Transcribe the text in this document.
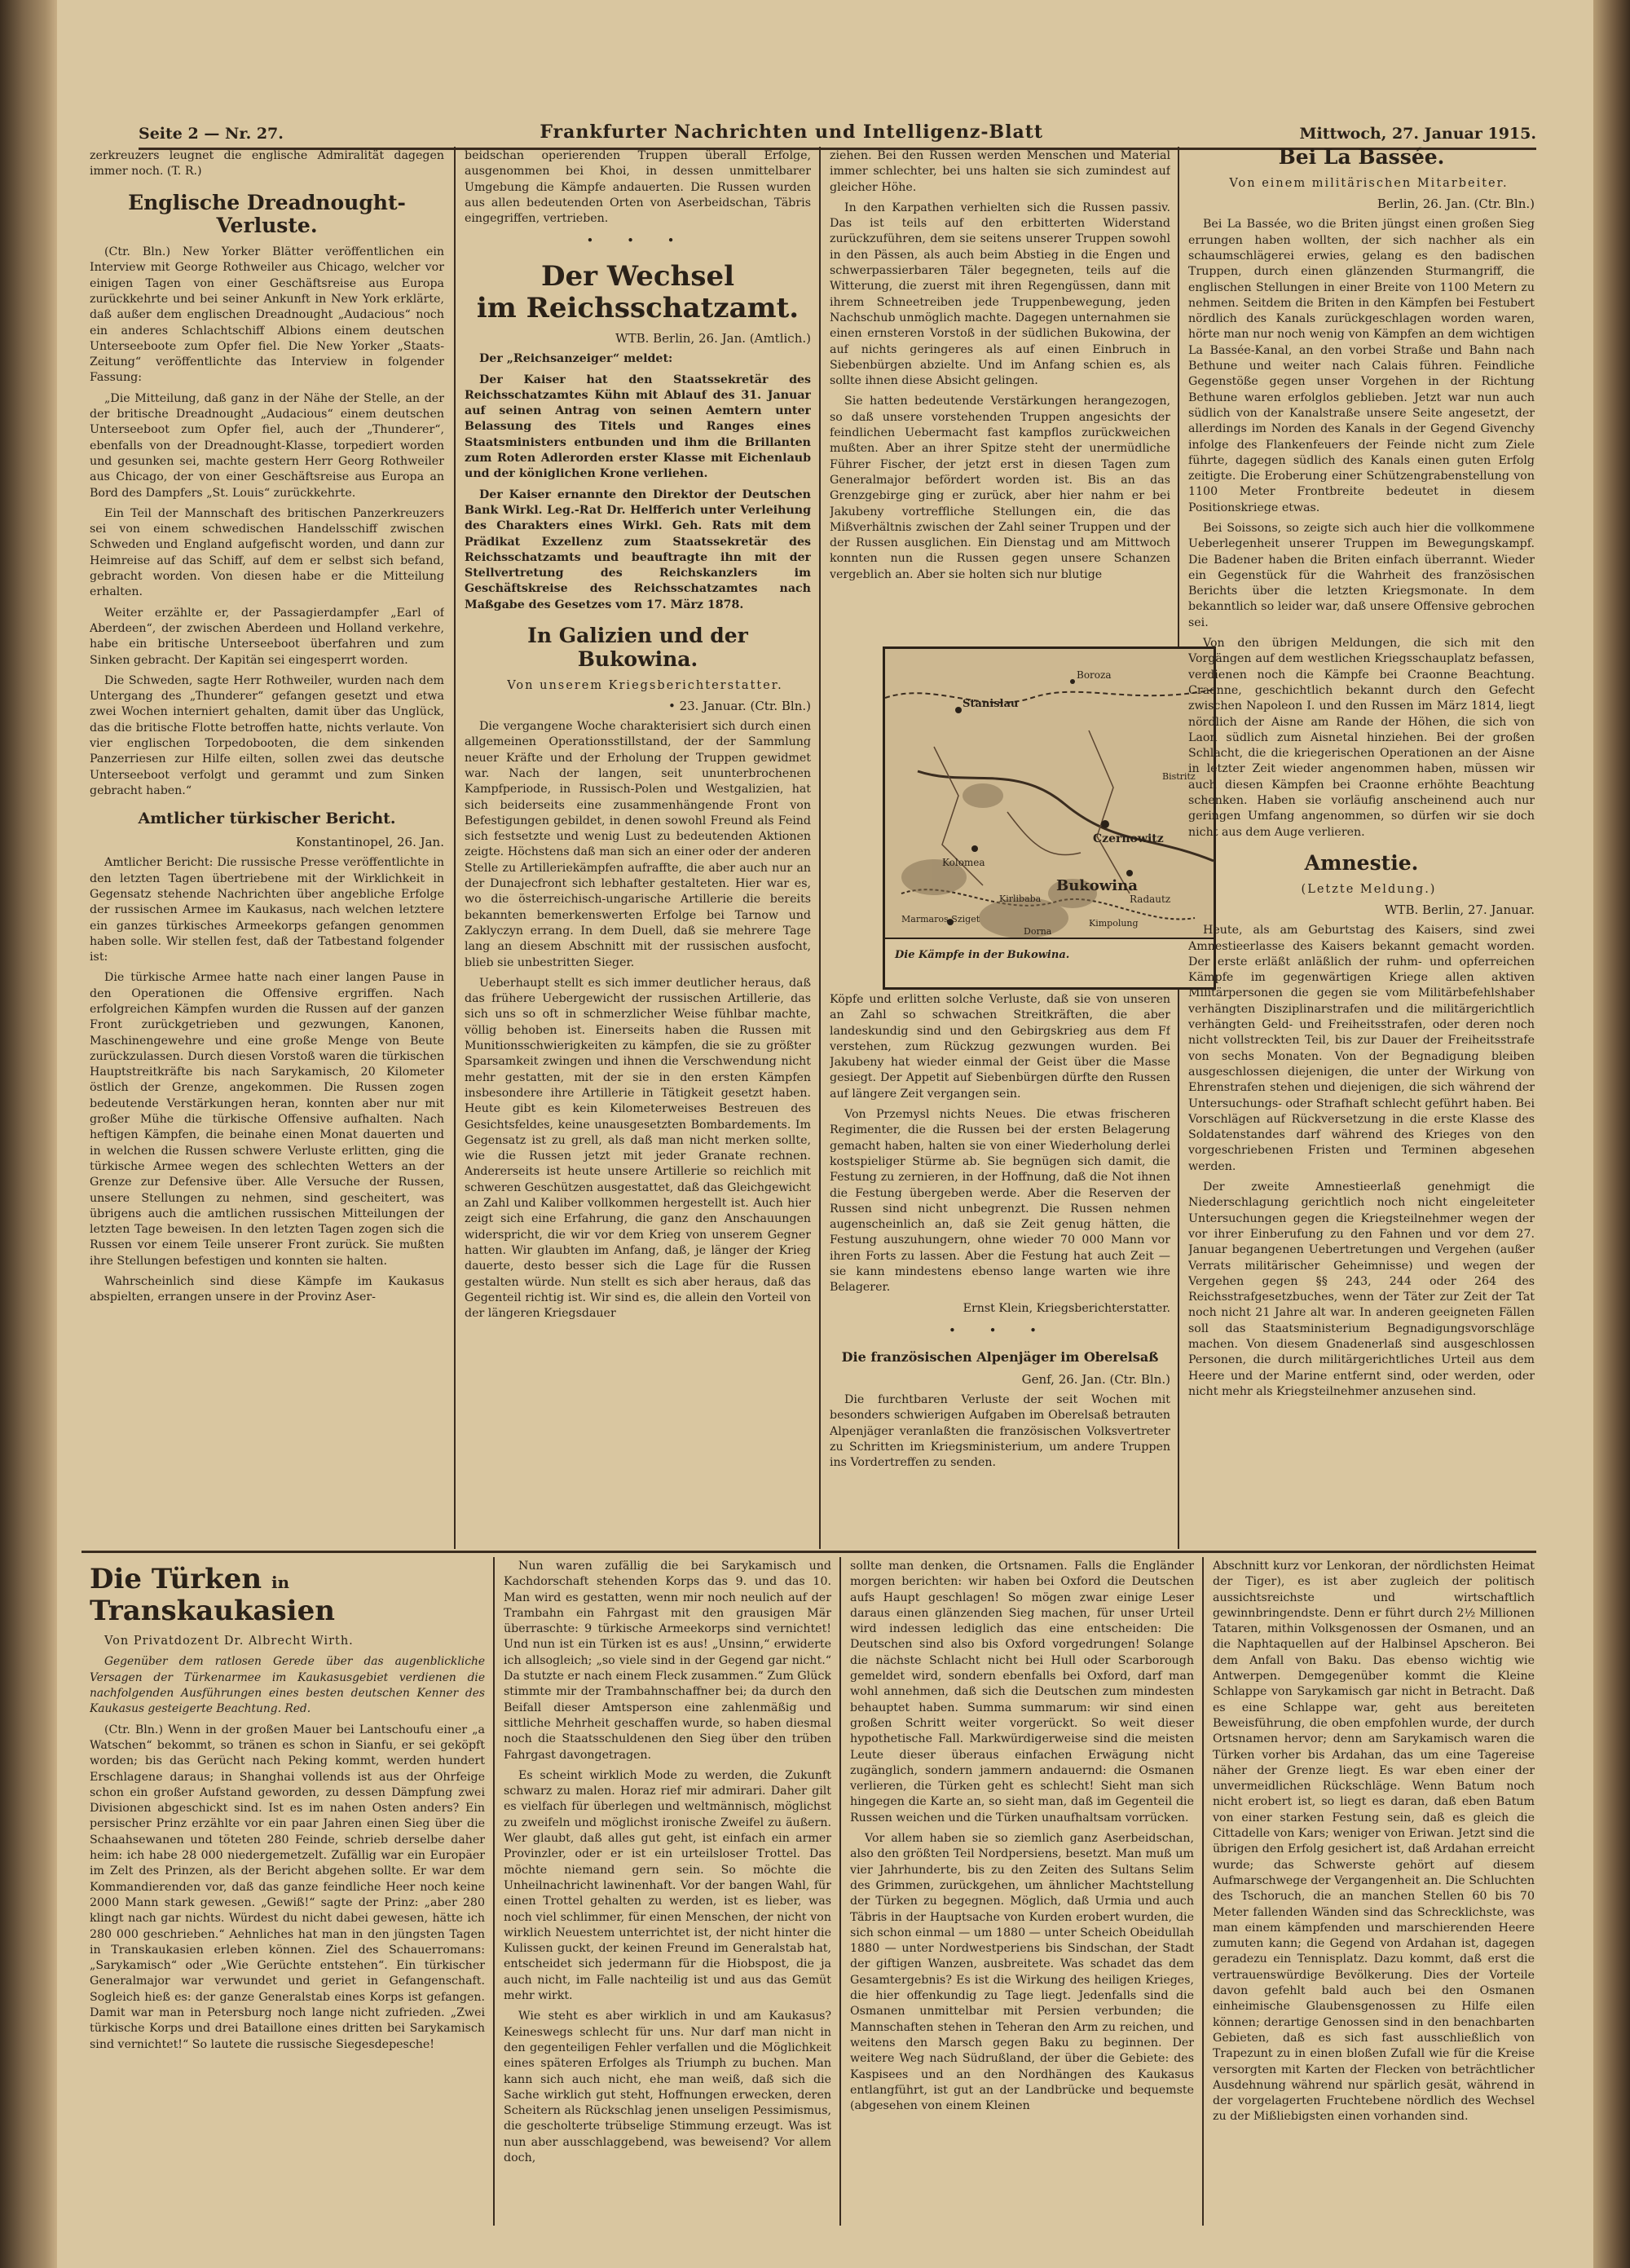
Seite 2 — Nr. 27.	Frankfurter Nachrichten und Intelligenz-Blatt	Mittwoch, 27. Januar 1915.

zerkreuzers leugnet die englische Admiralität dagegen immer noch. (T. R.)

Englische Dreadnought-Verluste.

(Ctr. Bln.) New Yorker Blätter veröffentlichen ein Interview mit George Rothweiler aus Chicago, welcher vor einigen Tagen von einer Geschäftsreise aus Europa zurückkehrte und bei seiner Ankunft in New York erklärte, daß außer dem englischen Dreadnought „Audacious“ noch ein anderes Schlachtschiff Albions einem deutschen Unterseeboote zum Opfer fiel. Die New Yorker „Staats-Zeitung“ veröffentlichte das Interview in folgender Fassung:

„Die Mitteilung, daß ganz in der Nähe der Stelle, an der der britische Dreadnought „Audacious“ einem deutschen Unterseeboot zum Opfer fiel, auch der „Thunderer“, ebenfalls von der Dreadnought-Klasse, torpediert worden und gesunken sei, machte gestern Herr Georg Rothweiler aus Chicago, der von einer Geschäftsreise aus Europa an Bord des Dampfers „St. Louis“ zurückkehrte.

Ein Teil der Mannschaft des britischen Panzerkreuzers sei von einem schwedischen Handelsschiff zwischen Schweden und England aufgefischt worden, und dann zur Heimreise auf das Schiff, auf dem er selbst sich befand, gebracht worden. Von diesen habe er die Mitteilung erhalten.

Weiter erzählte er, der Passagierdampfer „Earl of Aberdeen“, der zwischen Aberdeen und Holland verkehre, habe ein britische Unterseeboot überfahren und zum Sinken gebracht. Der Kapitän sei eingesperrt worden.

Die Schweden, sagte Herr Rothweiler, wurden nach dem Untergang des „Thunderer“ gefangen gesetzt und etwa zwei Wochen interniert gehalten, damit über das Unglück, das die britische Flotte betroffen hatte, nichts verlaute. Von vier englischen Torpedobooten, die dem sinkenden Panzerriesen zur Hilfe eilten, sollen zwei das deutsche Unterseeboot verfolgt und gerammt und zum Sinken gebracht haben.“

Amtlicher türkischer Bericht.

Konstantinopel, 26. Jan.

Amtlicher Bericht: Die russische Presse veröffentlichte in den letzten Tagen übertriebene mit der Wirklichkeit in Gegensatz stehende Nachrichten über angebliche Erfolge der russischen Armee im Kaukasus, nach welchen letztere ein ganzes türkisches Armeekorps gefangen genommen haben solle. Wir stellen fest, daß der Tatbestand folgender ist:

Die türkische Armee hatte nach einer langen Pause in den Operationen die Offensive ergriffen. Nach erfolgreichen Kämpfen wurden die Russen auf der ganzen Front zurückgetrieben und gezwungen, Kanonen, Maschinengewehre und eine große Menge von Beute zurückzulassen. Durch diesen Vorstoß waren die türkischen Hauptstreitkräfte bis nach Sarykamisch, 20 Kilometer östlich der Grenze, angekommen. Die Russen zogen bedeutende Verstärkungen heran, konnten aber nur mit großer Mühe die türkische Offensive aufhalten. Nach heftigen Kämpfen, die beinahe einen Monat dauerten und in welchen die Russen schwere Verluste erlitten, ging die türkische Armee wegen des schlechten Wetters an der Grenze zur Defensive über. Alle Versuche der Russen, unsere Stellungen zu nehmen, sind gescheitert, was übrigens auch die amtlichen russischen Mitteilungen der letzten Tage beweisen. In den letzten Tagen zogen sich die Russen vor einem Teile unserer Front zurück. Sie mußten ihre Stellungen befestigen und konnten sie halten.

Wahrscheinlich sind diese Kämpfe im Kaukasus abspielten, errangen unsere in der Provinz Aser-

beidschan operierenden Truppen überall Erfolge, ausgenommen bei Khoi, in dessen unmittelbarer Umgebung die Kämpfe andauerten. Die Russen wurden aus allen bedeutenden Orten von Aserbeidschan, Täbris eingegriffen, vertrieben.

• • •
Der Wechsel
im Reichsschatzamt.

WTB. Berlin, 26. Jan. (Amtlich.)

Der „Reichsanzeiger“ meldet:

Der Kaiser hat den Staatssekretär des Reichsschatzamtes Kühn mit Ablauf des 31. Januar auf seinen Antrag von seinen Aemtern unter Belassung des Titels und Ranges eines Staatsministers entbunden und ihm die Brillanten zum Roten Adlerorden erster Klasse mit Eichenlaub und der königlichen Krone verliehen.

Der Kaiser ernannte den Direktor der Deutschen Bank Wirkl. Leg.-Rat Dr. Helfferich unter Verleihung des Charakters eines Wirkl. Geh. Rats mit dem Prädikat Exzellenz zum Staatssekretär des Reichsschatzamts und beauftragte ihn mit der Stellvertretung des Reichskanzlers im Geschäftskreise des Reichsschatzamtes nach Maßgabe des Gesetzes vom 17. März 1878.

In Galizien und der Bukowina.

Von unserem Kriegsberichterstatter.

• 23. Januar. (Ctr. Bln.)

Die vergangene Woche charakterisiert sich durch einen allgemeinen Operationsstillstand, der der Sammlung neuer Kräfte und der Erholung der Truppen gewidmet war. Nach der langen, seit ununterbrochenen Kampfperiode, in Russisch-Polen und Westgalizien, hat sich beiderseits eine zusammenhängende Front von Befestigungen gebildet, in denen sowohl Freund als Feind sich festsetzte und wenig Lust zu bedeutenden Aktionen zeigte. Höchstens daß man sich an einer oder der anderen Stelle zu Artilleriekämpfen aufraffte, die aber auch nur an der Dunajecfront sich lebhafter gestalteten. Hier war es, wo die österreichisch-ungarische Artillerie die bereits bekannten bemerkenswerten Erfolge bei Tarnow und Zaklyczyn errang. In dem Duell, daß sie mehrere Tage lang an diesem Abschnitt mit der russischen ausfocht, blieb sie unbestritten Sieger.

Ueberhaupt stellt es sich immer deutlicher heraus, daß das frühere Uebergewicht der russischen Artillerie, das sich uns so oft in schmerzlicher Weise fühlbar machte, völlig behoben ist. Einerseits haben die Russen mit Munitionsschwierigkeiten zu kämpfen, die sie zu größter Sparsamkeit zwingen und ihnen die Verschwendung nicht mehr gestatten, mit der sie in den ersten Kämpfen insbesondere ihre Artillerie in Tätigkeit gesetzt haben. Heute gibt es kein Kilometerweises Bestreuen des Gesichtsfeldes, keine unausgesetzten Bombardements. Im Gegensatz ist zu grell, als daß man nicht merken sollte, wie die Russen jetzt mit jeder Granate rechnen. Andererseits ist heute unsere Artillerie so reichlich mit schweren Geschützen ausgestattet, daß das Gleichgewicht an Zahl und Kaliber vollkommen hergestellt ist. Auch hier zeigt sich eine Erfahrung, die ganz den Anschauungen widerspricht, die wir vor dem Krieg von unserem Gegner hatten. Wir glaubten im Anfang, daß, je länger der Krieg dauerte, desto besser sich die Lage für die Russen gestalten würde. Nun stellt es sich aber heraus, daß das Gegenteil richtig ist. Wir sind es, die allein den Vorteil von der längeren Kriegsdauer

ziehen. Bei den Russen werden Menschen und Material immer schlechter, bei uns halten sie sich zumindest auf gleicher Höhe.

In den Karpathen verhielten sich die Russen passiv. Das ist teils auf den erbitterten Widerstand zurückzuführen, dem sie seitens unserer Truppen sowohl in den Pässen, als auch beim Abstieg in die Engen und schwerpassierbaren Täler begegneten, teils auf die Witterung, die zuerst mit ihren Regengüssen, dann mit ihrem Schneetreiben jede Truppenbewegung, jeden Nachschub unmöglich machte. Dagegen unternahmen sie einen ernsteren Vorstoß in der südlichen Bukowina, der auf nichts geringeres als auf einen Einbruch in Siebenbürgen abzielte. Und im Anfang schien es, als sollte ihnen diese Absicht gelingen.

Sie hatten bedeutende Verstärkungen herangezogen, so daß unsere vorstehenden Truppen angesichts der feindlichen Uebermacht fast kampflos zurückweichen mußten. Aber an ihrer Spitze steht der unermüdliche Führer Fischer, der jetzt erst in diesen Tagen zum Generalmajor befördert worden ist. Bis an das Grenzgebirge ging er zurück, aber hier nahm er bei Jakubeny vortreffliche Stellungen ein, die das Mißverhältnis zwischen der Zahl seiner Truppen und der der Russen ausglichen. Ein Dienstag und am Mittwoch konnten nun die Russen gegen unsere Schanzen vergeblich an. Aber sie holten sich nur blutige

Stanislau
Czernowitz
Bukowina
Kolomea
Radautz
Boroza
Kimpolung
Marmaros-Sziget
Dorna
Bistritz
Kirlibaba
Die Kämpfe in der Bukowina.

Köpfe und erlitten solche Verluste, daß sie von unseren an Zahl so schwachen Streitkräften, die aber landeskundig sind und den Gebirgskrieg aus dem Ff verstehen, zum Rückzug gezwungen wurden. Bei Jakubeny hat wieder einmal der Geist über die Masse gesiegt. Der Appetit auf Siebenbürgen dürfte den Russen auf längere Zeit vergangen sein.

Von Przemysl nichts Neues. Die etwas frischeren Regimenter, die die Russen bei der ersten Belagerung gemacht haben, halten sie von einer Wiederholung derlei kostspieliger Stürme ab. Sie begnügen sich damit, die Festung zu zernieren, in der Hoffnung, daß die Not ihnen die Festung übergeben werde. Aber die Reserven der Russen sind nicht unbegrenzt. Die Russen nehmen augenscheinlich an, daß sie Zeit genug hätten, die Festung auszuhungern, ohne wieder 70 000 Mann vor ihren Forts zu lassen. Aber die Festung hat auch Zeit — sie kann mindestens ebenso lange warten wie ihre Belagerer.

Ernst Klein, Kriegsberichterstatter.

• • •
Die französischen Alpenjäger im Oberelsaß

Genf, 26. Jan. (Ctr. Bln.)

Die furchtbaren Verluste der seit Wochen mit besonders schwierigen Aufgaben im Oberelsaß betrauten Alpenjäger veranlaßten die französischen Volksvertreter zu Schritten im Kriegsministerium, um andere Truppen ins Vordertreffen zu senden.

Bei La Bassée.

Von einem militärischen Mitarbeiter.

Berlin, 26. Jan. (Ctr. Bln.)

Bei La Bassée, wo die Briten jüngst einen großen Sieg errungen haben wollten, der sich nachher als ein schaumschlägerei erwies, gelang es den badischen Truppen, durch einen glänzenden Sturmangriff, die englischen Stellungen in einer Breite von 1100 Metern zu nehmen. Seitdem die Briten in den Kämpfen bei Festubert nördlich des Kanals zurückgeschlagen worden waren, hörte man nur noch wenig von Kämpfen an dem wichtigen La Bassée-Kanal, an den vorbei Straße und Bahn nach Bethune und weiter nach Calais führen. Feindliche Gegenstöße gegen unser Vorgehen in der Richtung Bethune waren erfolglos geblieben. Jetzt war nun auch südlich von der Kanalstraße unsere Seite angesetzt, der allerdings im Norden des Kanals in der Gegend Givenchy infolge des Flankenfeuers der Feinde nicht zum Ziele führte, dagegen südlich des Kanals einen guten Erfolg zeitigte. Die Eroberung einer Schützengrabenstellung von 1100 Meter Frontbreite bedeutet in diesem Positionskriege etwas.

Bei Soissons, so zeigte sich auch hier die vollkommene Ueberlegenheit unserer Truppen im Bewegungskampf. Die Badener haben die Briten einfach überrannt. Wieder ein Gegenstück für die Wahrheit des französischen Berichts über die letzten Kriegsmonate. In dem bekanntlich so leider war, daß unsere Offensive gebrochen sei.

Von den übrigen Meldungen, die sich mit den Vorgängen auf dem westlichen Kriegsschauplatz befassen, verdienen noch die Kämpfe bei Craonne Beachtung. Craonne, geschichtlich bekannt durch den Gefecht zwischen Napoleon I. und den Russen im März 1814, liegt nördlich der Aisne am Rande der Höhen, die sich von Laon südlich zum Aisnetal hinziehen. Bei der großen Schlacht, die die kriegerischen Operationen an der Aisne in letzter Zeit wieder angenommen haben, müssen wir auch diesen Kämpfen bei Craonne erhöhte Beachtung schenken. Haben sie vorläufig anscheinend auch nur geringen Umfang angenommen, so dürfen wir sie doch nicht aus dem Auge verlieren.

Amnestie.

(Letzte Meldung.)

WTB. Berlin, 27. Januar.

Heute, als am Geburtstag des Kaisers, sind zwei Amnestieerlasse des Kaisers bekannt gemacht worden. Der erste erläßt anläßlich der ruhm- und opferreichen Kämpfe im gegenwärtigen Kriege allen aktiven Militärpersonen die gegen sie vom Militärbefehlshaber verhängten Disziplinarstrafen und die militärgerichtlich verhängten Geld- und Freiheitsstrafen, oder deren noch nicht vollstreckten Teil, bis zur Dauer der Freiheitsstrafe von sechs Monaten. Von der Begnadigung bleiben ausgeschlossen diejenigen, die unter der Wirkung von Ehrenstrafen stehen und diejenigen, die sich während der Untersuchungs- oder Strafhaft schlecht geführt haben. Bei Vorschlägen auf Rückversetzung in die erste Klasse des Soldatenstandes darf während des Krieges von den vorgeschriebenen Fristen und Terminen abgesehen werden.

Der zweite Amnestieerlaß genehmigt die Niederschlagung gerichtlich noch nicht eingeleiteter Untersuchungen gegen die Kriegsteilnehmer wegen der vor ihrer Einberufung zu den Fahnen und vor dem 27. Januar begangenen Uebertretungen und Vergehen (außer Verrats militärischer Geheimnisse) und wegen der Vergehen gegen §§ 243, 244 oder 264 des Reichsstrafgesetzbuches, wenn der Täter zur Zeit der Tat noch nicht 21 Jahre alt war. In anderen geeigneten Fällen soll das Staatsministerium Begnadigungsvorschläge machen. Von diesem Gnadenerlaß sind ausgeschlossen Personen, die durch militärgerichtliches Urteil aus dem Heere und der Marine entfernt sind, oder werden, oder nicht mehr als Kriegsteilnehmer anzusehen sind.

Die Türken in Transkaukasien

Von Privatdozent Dr. Albrecht Wirth.

Gegenüber dem ratlosen Gerede über das augenblickliche Versagen der Türkenarmee im Kaukasusgebiet verdienen die nachfolgenden Ausführungen eines besten deutschen Kenner des Kaukasus gesteigerte Beachtung. Red.

(Ctr. Bln.) Wenn in der großen Mauer bei Lantschoufu einer „a Watschen“ bekommt, so tränen es schon in Sianfu, er sei geköpft worden; bis das Gerücht nach Peking kommt, werden hundert Erschlagene daraus; in Shanghai vollends ist aus der Ohrfeige schon ein großer Aufstand geworden, zu dessen Dämpfung zwei Divisionen abgeschickt sind. Ist es im nahen Osten anders? Ein persischer Prinz erzählte vor ein paar Jahren einen Sieg über die Schaahsewanen und töteten 280 Feinde, schrieb derselbe daher heim: ich habe 28 000 niedergemetzelt. Zufällig war ein Europäer im Zelt des Prinzen, als der Bericht abgehen sollte. Er war dem Kommandierenden vor, daß das ganze feindliche Heer noch keine 2000 Mann stark gewesen. „Gewiß!“ sagte der Prinz: „aber 280 klingt nach gar nichts. Würdest du nicht dabei gewesen, hätte ich 280 000 geschrieben.“ Aehnliches hat man in den jüngsten Tagen in Transkaukasien erleben können. Ziel des Schauerromans: „Sarykamisch“ oder „Wie Gerüchte entstehen“. Ein türkischer Generalmajor war verwundet und geriet in Gefangenschaft. Sogleich hieß es: der ganze Generalstab eines Korps ist gefangen. Damit war man in Petersburg noch lange nicht zufrieden. „Zwei türkische Korps und drei Bataillone eines dritten bei Sarykamisch sind vernichtet!“ So lautete die russische Siegesdepesche!

Nun waren zufällig die bei Sarykamisch und Kachdorschaft stehenden Korps das 9. und das 10. Man wird es gestatten, wenn mir noch neulich auf der Trambahn ein Fahrgast mit den grausigen Mär überraschte: 9 türkische Armeekorps sind vernichtet! Und nun ist ein Türken ist es aus! „Unsinn,“ erwiderte ich allsogleich; „so viele sind in der Gegend gar nicht.“ Da stutzte er nach einem Fleck zusammen.“ Zum Glück stimmte mir der Trambahnschaffner bei; da durch den Beifall dieser Amtsperson eine zahlenmäßig und sittliche Mehrheit geschaffen wurde, so haben diesmal noch die Staatsschuldenen den Sieg über den trüben Fahrgast davongetragen.

Es scheint wirklich Mode zu werden, die Zukunft schwarz zu malen. Horaz rief mir admirari. Daher gilt es vielfach für überlegen und weltmännisch, möglichst zu zweifeln und möglichst ironische Zweifel zu äußern. Wer glaubt, daß alles gut geht, ist einfach ein armer Provinzler, oder er ist ein urteilsloser Trottel. Das möchte niemand gern sein. So möchte die Unheilnachricht lawinenhaft. Vor der bangen Wahl, für einen Trottel gehalten zu werden, ist es lieber, was noch viel schlimmer, für einen Menschen, der nicht von wirklich Neuestem unterrichtet ist, der nicht hinter die Kulissen guckt, der keinen Freund im Generalstab hat, entscheidet sich jedermann für die Hiobspost, die ja auch nicht, im Falle nachteilig ist und aus das Gemüt mehr wirkt.

Wie steht es aber wirklich in und am Kaukasus? Keineswegs schlecht für uns. Nur darf man nicht in den gegenteiligen Fehler verfallen und die Möglichkeit eines späteren Erfolges als Triumph zu buchen. Man kann sich auch nicht, ehe man weiß, daß sich die Sache wirklich gut steht, Hoffnungen erwecken, deren Scheitern als Rückschlag jenen unseligen Pessimismus, die gescholterte trübselige Stimmung erzeugt. Was ist nun aber ausschlaggebend, was beweisend? Vor allem doch,

sollte man denken, die Ortsnamen. Falls die Engländer morgen berichten: wir haben bei Oxford die Deutschen aufs Haupt geschlagen! So mögen zwar einige Leser daraus einen glänzenden Sieg machen, für unser Urteil wird indessen lediglich das eine entscheiden: Die Deutschen sind also bis Oxford vorgedrungen! Solange die nächste Schlacht nicht bei Hull oder Scarborough gemeldet wird, sondern ebenfalls bei Oxford, darf man wohl annehmen, daß sich die Deutschen zum mindesten behauptet haben. Summa summarum: wir sind einen großen Schritt weiter vorgerückt. So weit dieser hypothetische Fall. Markwürdigerweise sind die meisten Leute dieser überaus einfachen Erwägung nicht zugänglich, sondern jammern andauernd: die Osmanen verlieren, die Türken geht es schlecht! Sieht man sich hingegen die Karte an, so sieht man, daß im Gegenteil die Russen weichen und die Türken unaufhaltsam vorrücken.

Vor allem haben sie so ziemlich ganz Aserbeidschan, also den größten Teil Nordpersiens, besetzt. Man muß um vier Jahrhunderte, bis zu den Zeiten des Sultans Selim des Grimmen, zurückgehen, um ähnlicher Machtstellung der Türken zu begegnen. Möglich, daß Urmia und auch Täbris in der Hauptsache von Kurden erobert wurden, die sich schon einmal — um 1880 — unter Scheich Obeidullah 1880 — unter Nordwestperiens bis Sindschan, der Stadt der giftigen Wanzen, ausbreitete. Was schadet das dem Gesamtergebnis? Es ist die Wirkung des heiligen Krieges, die hier offenkundig zu Tage liegt. Jedenfalls sind die Osmanen unmittelbar mit Persien verbunden; die Mannschaften stehen in Teheran den Arm zu reichen, und weitens den Marsch gegen Baku zu beginnen. Der weitere Weg nach Südrußland, der über die Gebiete: des Kaspisees und an den Nordhängen des Kaukasus entlangführt, ist gut an der Landbrücke und bequemste (abgesehen von einem Kleinen

Abschnitt kurz vor Lenkoran, der nördlichsten Heimat der Tiger), es ist aber zugleich der politisch aussichtsreichste und wirtschaftlich gewinnbringendste. Denn er führt durch 2½ Millionen Tataren, mithin Volksgenossen der Osmanen, und an die Naphtaquellen auf der Halbinsel Apscheron. Bei dem Anfall von Baku. Das ebenso wichtig wie Antwerpen. Demgegenüber kommt die Kleine Schlappe von Sarykamisch gar nicht in Betracht. Daß es eine Schlappe war, geht aus bereiteten Beweisführung, die oben empfohlen wurde, der durch Ortsnamen hervor; denn am Sarykamisch waren die Türken vorher bis Ardahan, das um eine Tagereise näher der Grenze liegt. Es war eben einer der unvermeidlichen Rückschläge. Wenn Batum noch nicht erobert ist, so liegt es daran, daß eben Batum von einer starken Festung sein, daß es gleich die Cittadelle von Kars; weniger von Eriwan. Jetzt sind die übrigen den Erfolg gesichert ist, daß Ardahan erreicht wurde; das Schwerste gehört auf diesem Aufmarschwege der Vergangenheit an. Die Schluchten des Tschoruch, die an manchen Stellen 60 bis 70 Meter fallenden Wänden sind das Schrecklichste, was man einem kämpfenden und marschierenden Heere zumuten kann; die Gegend von Ardahan ist, dagegen geradezu ein Tennisplatz. Dazu kommt, daß erst die vertrauenswürdige Bevölkerung. Dies der Vorteile davon gefehlt bald auch bei den Osmanen einheimische Glaubensgenossen zu Hilfe eilen können; derartige Genossen sind in den benachbarten Gebieten, daß es sich fast ausschließlich von Trapezunt zu in einen bloßen Zufall wie für die Kreise versorgten mit Karten der Flecken von beträchtlicher Ausdehnung während nur spärlich gesät, während in der vorgelagerten Fruchtebene nördlich des Wechsel zu der Mißliebigsten einen vorhanden sind.
